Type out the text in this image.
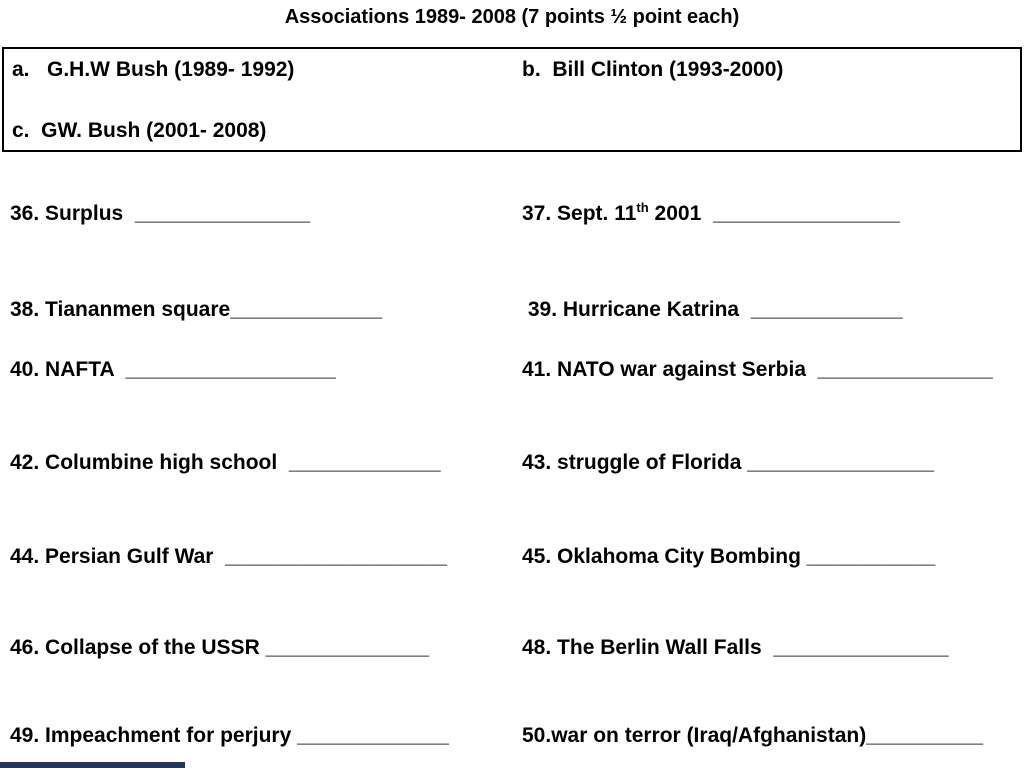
Associations 1989- 2008 (7 points ½ point each)
a.   G.H.W Bush (1989- 1992)	b.  Bill Clinton (1993-2000)
c.  GW. Bush (2001- 2008)
36. Surplus  _______________	37. Sept. 11th 2001  ________________
38. Tiananmen square_____________	39. Hurricane Katrina  _____________
40. NAFTA  __________________	41. NATO war against Serbia  _______________
42. Columbine high school  _____________	43. struggle of Florida ________________
44. Persian Gulf War  ___________________	45. Oklahoma City Bombing ___________
46. Collapse of the USSR ______________	48. The Berlin Wall Falls  _______________
49. Impeachment for perjury _____________	50.war on terror (Iraq/Afghanistan)__________
